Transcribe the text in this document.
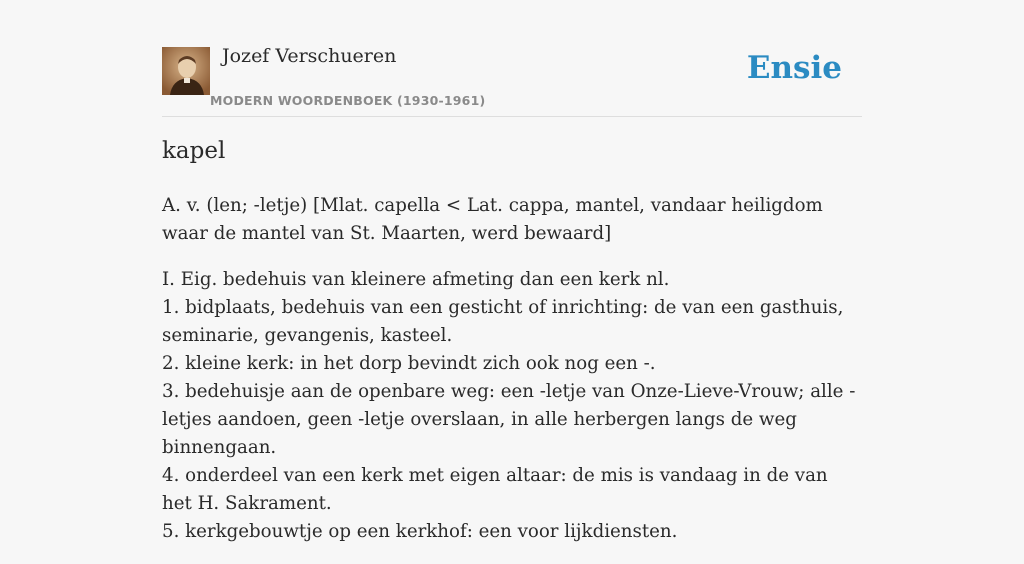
Jozef Verschueren
MODERN WOORDENBOEK (1930-1961)
Ensie
kapel

A. v. (len; -letje) [Mlat. capella < Lat. cappa, mantel, vandaar heiligdom waar de mantel van St. Maarten, werd bewaard]

I. Eig. bedehuis van kleinere afmeting dan een kerk nl.
1. bidplaats, bedehuis van een gesticht of inrichting: de van een gasthuis, seminarie, gevangenis, kasteel.
2. kleine kerk: in het dorp bevindt zich ook nog een -.
3. bedehuisje aan de openbare weg: een -letje van Onze-Lieve-Vrouw; alle -letjes aandoen, geen -letje overslaan, in alle herbergen langs de weg binnengaan.
4. onderdeel van een kerk met eigen altaar: de mis is vandaag in de van het H. Sakrament.
5. kerkgebouwtje op een kerkhof: een voor lijkdiensten.
